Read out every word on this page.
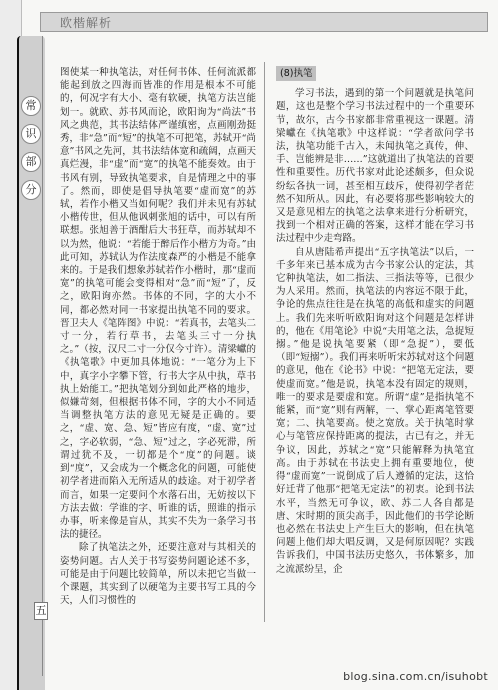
欧楷解析
常
识
部
分
五

图使某一种执笔法，对任何书体、任何流派都能起到放之四海而皆准的作用是根本不可能的，何况字有大小、毫有软硬，执笔方法岂能划一。就欧、苏书风而论，欧阳询为“尚法”书风之典范，其书法结体严谨缜密，点画刚劲挺秀，非“急”而“短”的执笔不可把笔，苏轼开“尚意”书风之先河，其书法结体宽和疏阔，点画天真烂漫，非“虚”而“宽”的执笔不能奏效。由于书风有别，导致执笔要求，自是情理之中的事了。然而，即使是倡导执笔要“虚而宽”的苏轼，若作小楷又当如何呢？我们并未见有苏轼小楷传世，但从他讽刺张旭的话中，可以有所联想。张旭善于酒酣后大书狂草，而苏轼却不以为然，他说：“若能于醉后作小楷方为奇。”由此可知，苏轼认为作法度森严的小楷是不能拿来的。于是我们想象苏轼若作小楷时，那“虚而宽”的执笔可能会变得相对“急”而“短”了，反之，欧阳询亦然。书体的不同，字的大小不同，都必然对同一书家提出执笔不同的要求。晋卫夫人《笔阵图》中说：“若真书，去笔头二寸一分，若行草书，去笔头三寸一分执之。”（按，汉尺二寸一分仅今寸许）。清梁巘的《执笔歌》中更加具体地说：“一笔分为上下中，真字小字攀下管，行书大字从中执，草书执上始能工。”把执笔划分到如此严格的地步，似嫌苛刻，但根据书体不同，字的大小不同适当调整执笔方法的意见无疑是正确的。要之，“虚、宽、急、短”皆应有度，“虚、宽”过之，字必软弱，“急、短”过之，字必死滞，所谓过犹不及，一切都是个“度”的问题。谈到“度”，又会成为一个概念化的问题，可能使初学者进而陷入无所适从的歧途。对于初学者而言，如果一定要问个水落石出，无妨按以下方法去做：学谁的字、听谁的话，照谁的指示办事，听来像是盲从，其实不失为一条学习书法的捷径。

除了执笔法之外，还要注意对与其相关的姿势问题。古人关于书写姿势问题论述不多，可能是由于问题比较简单，所以未把它当做一个课题，其实到了以硬笔为主要书写工具的今天，人们习惯性的

(8)执笔

学习书法，遇到的第一个问题就是执笔问题，这也是整个学习书法过程中的一个重要环节，故尔，古今书家都非常重视这一课题。清梁巘在《执笔歌》中这样说：“学者欲问学书法，执笔功能千古入，未闻执笔之真传，伸、手、岂能辨是非……”这就道出了执笔法的首要性和重要性。历代书家对此论述颇多，但众说纷纭各执一词，甚至相互歧斥，使得初学者茫然不知所从。因此，有必要将那些影响较大的又是意见相左的执笔之法拿来进行分析研究，找到一个相对正确的答案，这样才能在学习书法过程中少走弯路。

自从唐陆希声提出“五字执笔法”以后，一千多年来已基本成为古今书家公认的定法，其它种执笔法，如二指法、三指法等等，已很少为人采用。然而，执笔法的内容远不限于此，争论的焦点往往是在执笔的高低和虚实的问题上。我们先来听听欧阳询对这个问题是怎样讲的，他在《用笔论》中说“夫用笔之法，急捉短搦。”他是说执笔要紧（即“急捉”），要低（即“短搦”）。我们再来听听宋苏轼对这个问题的意见，他在《论书》中说：“把笔无定法，要使虚而宽。”他是说，执笔本没有固定的规则，唯一的要求是要虚和宽。所谓“虚”是指执笔不能紧，而“宽”则有两解，一、掌心距离笔管要宽；二、执笔要高。使之宽放。关于执笔时掌心与笔管应保持距离的提法，古已有之，并无争议，因此，苏轼之“宽”只能解释为执笔宜高。由于苏轼在书法史上拥有重要地位，使得“虚而宽”一说倒成了后人遵循的定法，这恰好迁背了他那“把笔无定法”的初衷。论到书法水平，当然无可争议，欧、苏二人各自都是唐、宋时期的顶尖高手，因此他们的书学论断也必然在书法史上产生巨大的影响，但在执笔问题上他们却大唱反调，又是何原因呢？实践告诉我们，中国书法历史悠久，书体繁多，加之流派纷呈，企

blog.sina.com.cn/isuhobt
